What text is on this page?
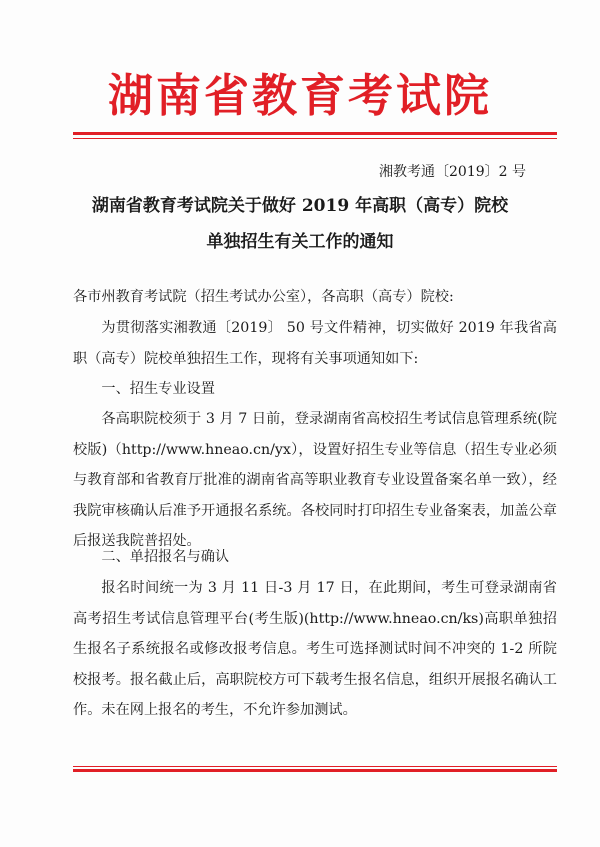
湖南省教育考试院
湘教考通〔2019〕2 号
湖南省教育考试院关于做好 2019 年高职（高专）院校
单独招生有关工作的通知
各市州教育考试院（招生考试办公室），各高职（高专）院校:
为贯彻落实湘教通〔2019〕 50 号文件精神，切实做好 2019 年我省高职（高专）院校单独招生工作，现将有关事项通知如下:
一、招生专业设置
各高职院校须于 3 月 7 日前，登录湖南省高校招生考试信息管理系统(院校版)（http://www.hneao.cn/yx），设置好招生专业等信息（招生专业必须与教育部和省教育厅批准的湖南省高等职业教育专业设置备案名单一致），经我院审核确认后准予开通报名系统。各校同时打印招生专业备案表，加盖公章后报送我院普招处。
二、单招报名与确认
报名时间统一为 3 月 11 日-3 月 17 日，在此期间，考生可登录湖南省高考招生考试信息管理平台(考生版)(http://www.hneao.cn/ks)高职单独招生报名子系统报名或修改报考信息。考生可选择测试时间不冲突的 1-2 所院校报考。报名截止后，高职院校方可下载考生报名信息，组织开展报名确认工作。未在网上报名的考生，不允许参加测试。
